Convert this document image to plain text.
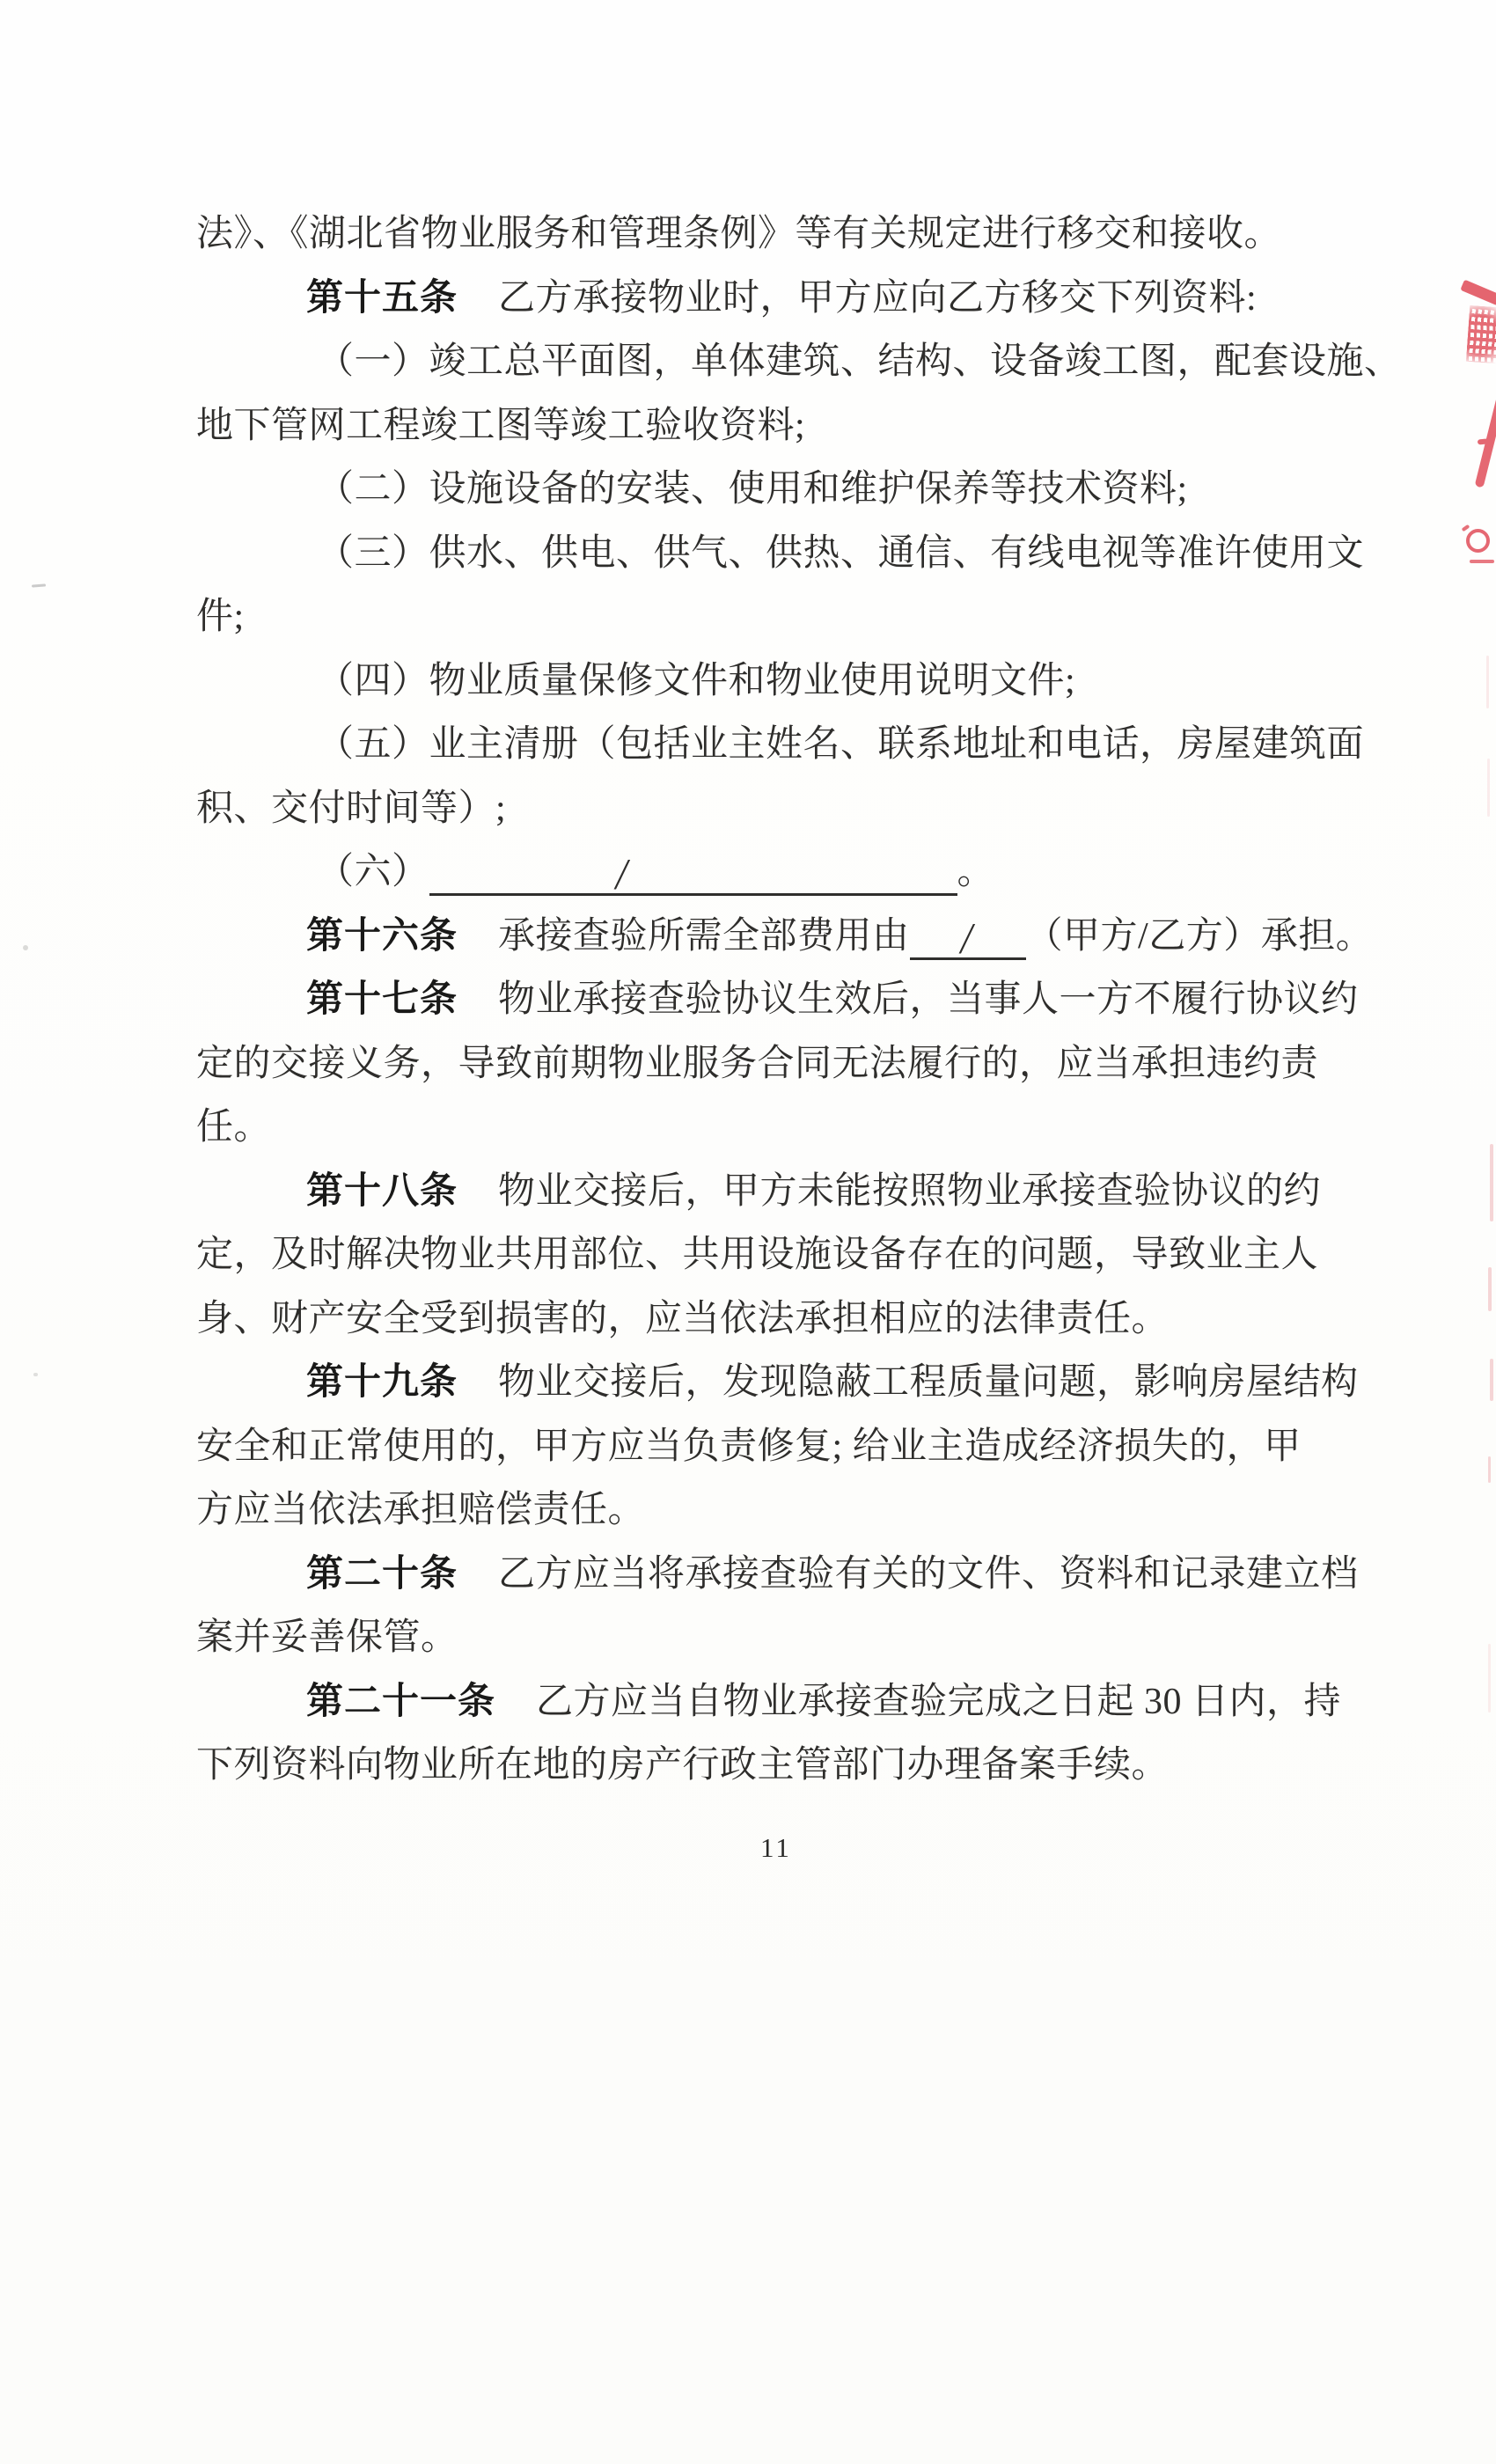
法》、《湖北省物业服务和管理条例》等有关规定进行移交和接收。
第十五条 乙方承接物业时，甲方应向乙方移交下列资料:
（一）竣工总平面图，单体建筑、结构、设备竣工图，配套设施、
地下管网工程竣工图等竣工验收资料;
（二）设施设备的安装、使用和维护保养等技术资料;
（三）供水、供电、供气、供热、通信、有线电视等准许使用文
件;
（四）物业质量保修文件和物业使用说明文件;
（五）业主清册（包括业主姓名、联系地址和电话，房屋建筑面
积、交付时间等）;
（六）	/	。
第十六条 承接查验所需全部费用由 / （甲方/乙方）承担。
第十七条 物业承接查验协议生效后，当事人一方不履行协议约
定的交接义务，导致前期物业服务合同无法履行的，应当承担违约责
任。
第十八条 物业交接后，甲方未能按照物业承接查验协议的约
定，及时解决物业共用部位、共用设施设备存在的问题，导致业主人
身、财产安全受到损害的，应当依法承担相应的法律责任。
第十九条 物业交接后，发现隐蔽工程质量问题，影响房屋结构
安全和正常使用的，甲方应当负责修复; 给业主造成经济损失的，甲
方应当依法承担赔偿责任。
第二十条 乙方应当将承接查验有关的文件、资料和记录建立档
案并妥善保管。
第二十一条 乙方应当自物业承接查验完成之日起 30 日内，持
下列资料向物业所在地的房产行政主管部门办理备案手续。
11
